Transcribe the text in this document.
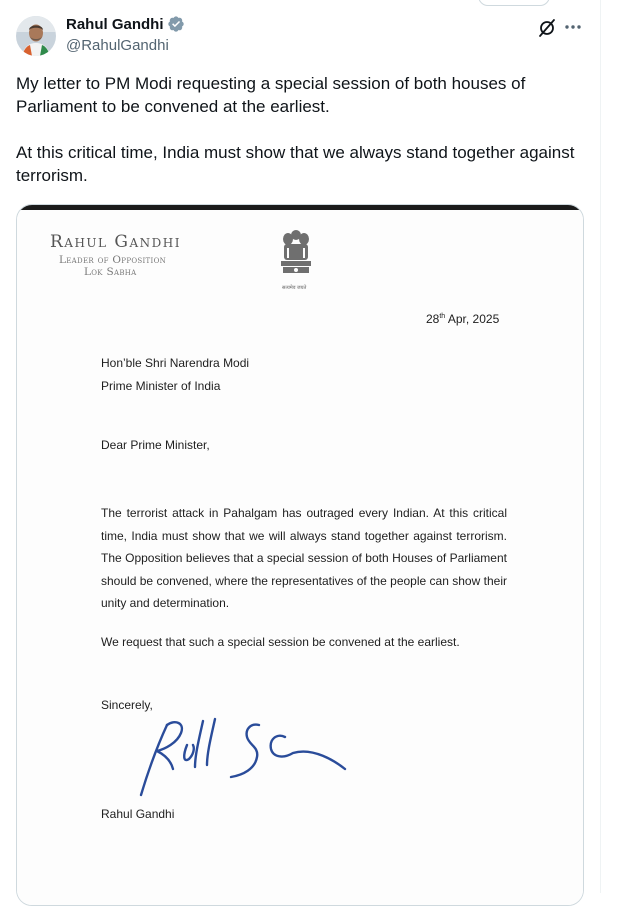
Rahul Gandhi
@RahulGandhi

My letter to PM Modi requesting a special session of both houses of Parliament to be convened at the earliest.

At this critical time, India must show that we always stand together against terrorism.

Rahul Gandhi
Leader of Opposition
Lok Sabha
सत्यमेव जयते
28th Apr, 2025
Hon’ble Shri Narendra Modi
Prime Minister of India
Dear Prime Minister,
The terrorist attack in Pahalgam has outraged every Indian. At this critical time, India must show that we will always stand together against terrorism. The Opposition believes that a special session of both Houses of Parliament should be convened, where the representatives of the people can show their unity and determination.
We request that such a special session be convened at the earliest.
Sincerely,
Rahul Gandhi
